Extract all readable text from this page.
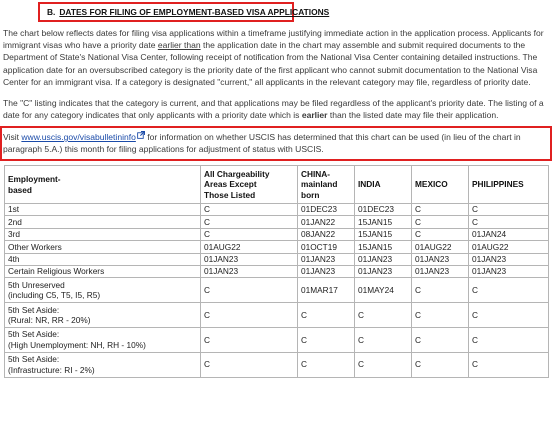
B. DATES FOR FILING OF EMPLOYMENT-BASED VISA APPLICATIONS

The chart below reflects dates for filing visa applications within a timeframe justifying immediate action in the application process. Applicants for immigrant visas who have a priority date earlier than the application date in the chart may assemble and submit required documents to the Department of State's National Visa Center, following receipt of notification from the National Visa Center containing detailed instructions. The application date for an oversubscribed category is the priority date of the first applicant who cannot submit documentation to the National Visa Center for an immigrant visa. If a category is designated "current," all applicants in the relevant category may file, regardless of priority date.

The "C" listing indicates that the category is current, and that applications may be filed regardless of the applicant's priority date. The listing of a date for any category indicates that only applicants with a priority date which is earlier than the listed date may file their application.

Visit www.uscis.gov/visabulletininfo for information on whether USCIS has determined that this chart can be used (in lieu of the chart in paragraph 5.A.) this month for filing applications for adjustment of status with USCIS.

Employment-
based	All Chargeability
Areas Except
Those Listed	CHINA-
mainland
born	INDIA	MEXICO	PHILIPPINES
1st	C	01DEC23	01DEC23	C	C
2nd	C	01JAN22	15JAN15	C	C
3rd	C	08JAN22	15JAN15	C	01JAN24
Other Workers	01AUG22	01OCT19	15JAN15	01AUG22	01AUG22
4th	01JAN23	01JAN23	01JAN23	01JAN23	01JAN23
Certain Religious Workers	01JAN23	01JAN23	01JAN23	01JAN23	01JAN23
5th Unreserved
(including C5, T5, I5, R5)	C	01MAR17	01MAY24	C	C
5th Set Aside:
(Rural: NR, RR - 20%)	C	C	C	C	C
5th Set Aside:
(High Unemployment: NH, RH - 10%)	C	C	C	C	C
5th Set Aside:
(Infrastructure: RI - 2%)	C	C	C	C	C
